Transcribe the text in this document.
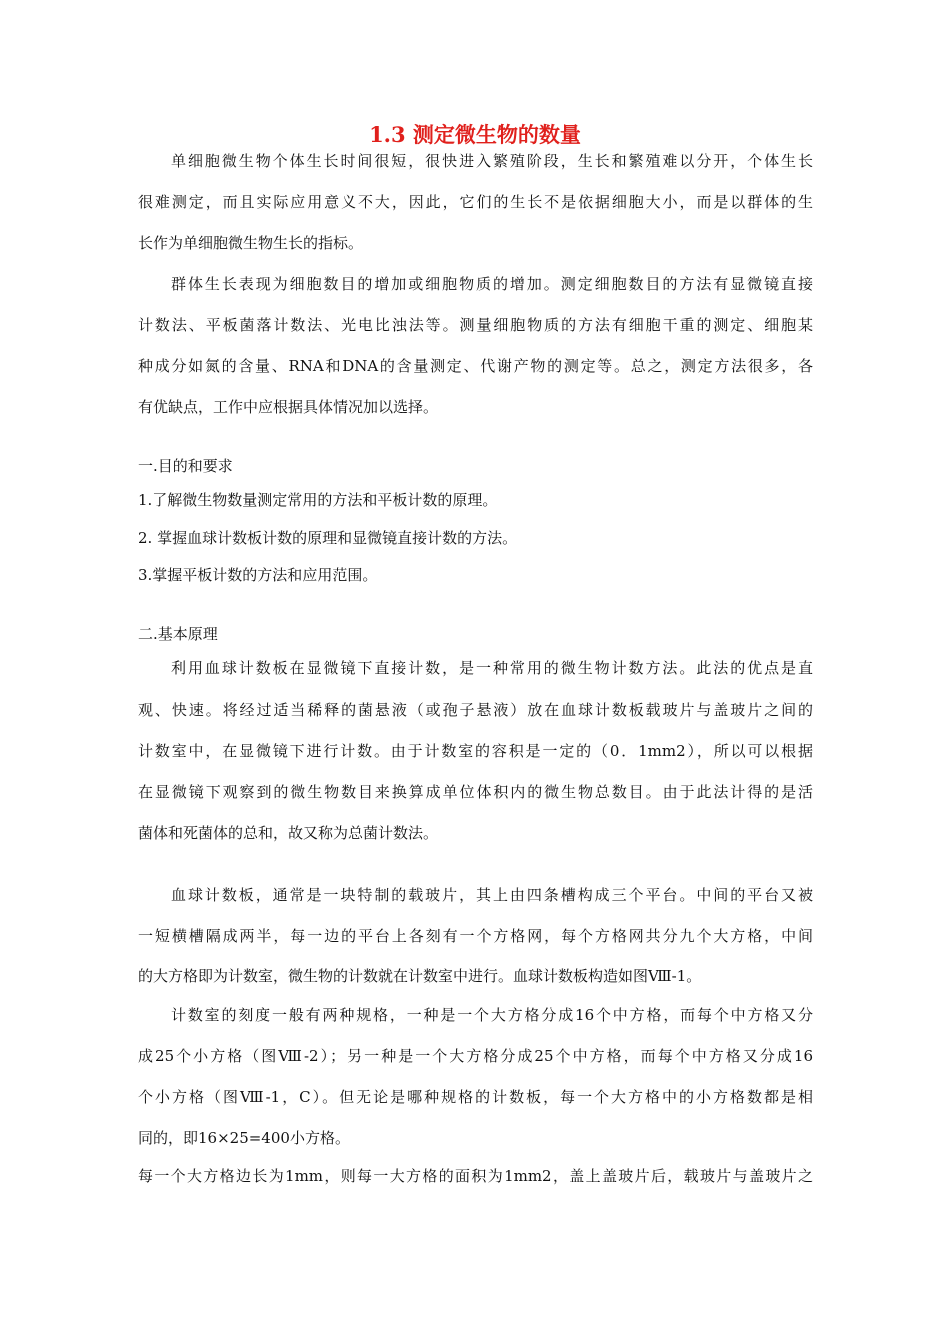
1.3 测定微生物的数量
单细胞微生物个体生长时间很短，很快进入繁殖阶段，生长和繁殖难以分开，个体生长
很难测定，而且实际应用意义不大，因此，它们的生长不是依据细胞大小，而是以群体的生
长作为单细胞微生物生长的指标。
群体生长表现为细胞数目的增加或细胞物质的增加。测定细胞数目的方法有显微镜直接
计数法、平板菌落计数法、光电比浊法等。测量细胞物质的方法有细胞干重的测定、细胞某
种成分如氮的含量、RNA和DNA的含量测定、代谢产物的测定等。总之，测定方法很多，各
有优缺点，工作中应根据具体情况加以选择。
一.目的和要求
1.了解微生物数量测定常用的方法和平板计数的原理。
2. 掌握血球计数板计数的原理和显微镜直接计数的方法。
3.掌握平板计数的方法和应用范围。
二.基本原理
利用血球计数板在显微镜下直接计数，是一种常用的微生物计数方法。此法的优点是直
观、快速。将经过适当稀释的菌悬液（或孢子悬液）放在血球计数板载玻片与盖玻片之间的
计数室中，在显微镜下进行计数。由于计数室的容积是一定的（0．1mm2），所以可以根据
在显微镜下观察到的微生物数目来换算成单位体积内的微生物总数目。由于此法计得的是活
菌体和死菌体的总和，故又称为总菌计数法。
血球计数板，通常是一块特制的载玻片，其上由四条槽构成三个平台。中间的平台又被
一短横槽隔成两半，每一边的平台上各刻有一个方格网，每个方格网共分九个大方格，中间
的大方格即为计数室，微生物的计数就在计数室中进行。血球计数板构造如图Ⅷ-1。
计数室的刻度一般有两种规格，一种是一个大方格分成16个中方格，而每个中方格又分
成25个小方格（图Ⅷ-2）；另一种是一个大方格分成25个中方格，而每个中方格又分成16
个小方格（图Ⅷ-1，C）。但无论是哪种规格的计数板，每一个大方格中的小方格数都是相
同的，即16×25=400小方格。
每一个大方格边长为1mm，则每一大方格的面积为1mm2，盖上盖玻片后，载玻片与盖玻片之
